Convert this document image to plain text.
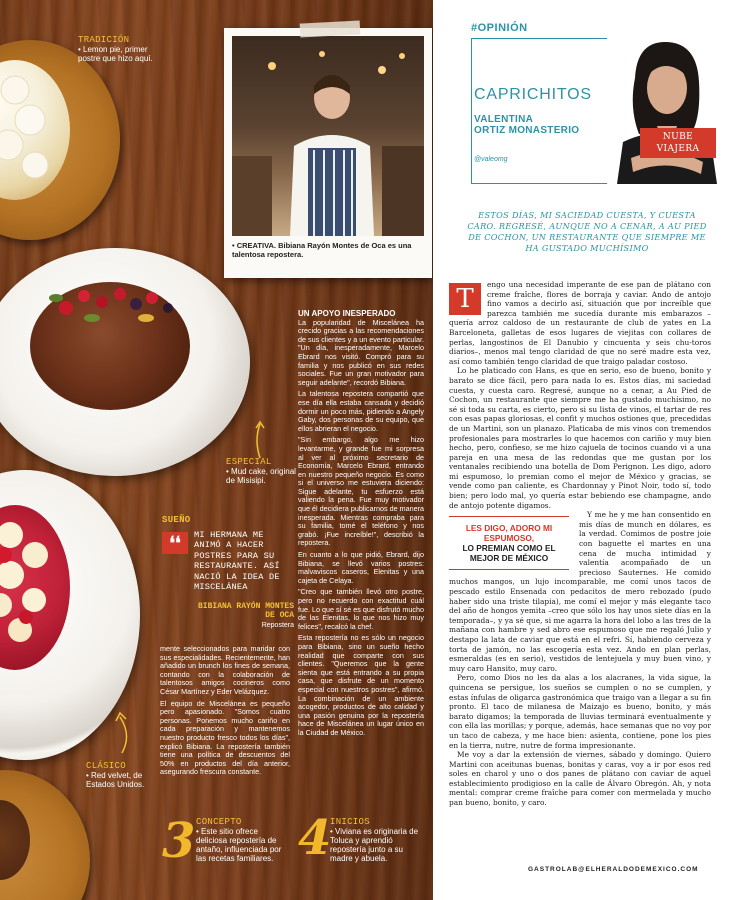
• CREATIVA. Bibiana Rayón Montes de Oca es una talentosa repostera.
TRADICIÓN
• Lemon pie, primer postre que hizo aquí.
ESPECIAL
• Mud cake, original de Misisipi.
SUEÑO
❛❛	MI HERMANA ME ANIMÓ A HACER POSTRES PARA SU RESTAURANTE. ASÍ NACIÓ LA IDEA DE MISCELÁNEA
BIBIANA RAYÓN MONTES DE OCA
Repostera
UN APOYO INESPERADO

La popularidad de Miscelánea ha crecido gracias a las recomendaciones de sus clientes y a un evento particular. "Un día, inesperadamente, Marcelo Ebrard nos visitó. Compró para su familia y nos publicó en sus redes sociales. Fue un gran motivador para seguir adelante", recordó Bibiana.

La talentosa repostera compartió que ese día ella estaba cansada y decidió dormir un poco más, pidiendo a Angely Gaby, dos personas de su equipo, que ellos abrieran el negocio.

"Sin embargo, algo me hizo levantarme, y grande fue mi sorpresa al ver al próximo secretario de Economía, Marcelo Ebrard, entrando en nuestro pequeño negocio. Es como si el universo me estuviera diciendo: Sigue adelante, tu esfuerzo está valiendo la pena. Fue muy motivador que él decidiera publicarnos de manera inesperada. Mientras compraba para su familia, tomé el teléfono y nos grabó. ¡Fue increíble!", describió la repostera.

En cuanto a lo que pidió, Ebrard, dijo Bibiana, se llevó varios postres: malvaviscos caseros, Elenitas y una cajeta de Celaya.

"Creo que también llevó otro postre, pero no recuerdo con exactitud cuál fue. Lo que sí sé es que disfrutó mucho de las Elenitas, lo que nos hizo muy felices", recalcó la chef.

Esta repostería no es sólo un negocio para Bibiana, sino un sueño hecho realidad que comparte con sus clientes. "Queremos que la gente sienta que está entrando a su propia casa, que disfrute de un momento especial con nuestros postres", afirmó. La combinación de un ambiente acogedor, productos de alto calidad y una pasión genuina por la repostería hace de Miscelánea un lugar único en la Ciudad de México.

mente seleccionados para maridar con sus especialidades. Recientemente, han añadido un brunch los fines de semana, contando con la colaboración de talentosos amigos cocineros como César Martínez y Eder Velázquez.

El equipo de Miscelánea es pequeño pero apasionado. "Somos cuatro personas. Ponemos mucho cariño en cada preparación y mantenemos nuestro producto fresco todos los días", explicó Bibiana. La repostería también tiene una política de descuentos del 50% en productos del día anterior, asegurando frescura constante.

CLÁSICO
• Red velvet, de Estados Unidos.
3 CONCEPTO
• Este sitio ofrece deliciosa repostería de antaño, influenciada por las recetas familiares. 4
INICIOS
• Viviana es originaria de Toluca y aprendió repostería junto a su madre y abuela.
#OPINIÓN
CAPRICHITOS
VALENTINA
ORTIZ MONASTERIO
@valeomg
NUBE
VIAJERA
ESTOS DÍAS, MI SACIEDAD CUESTA, Y CUESTA CARO. REGRESÉ, AUNQUE NO A CENAR, A AU PIED DE COCHON, UN RESTAURANTE QUE SIEMPRE ME HA GUSTADO MUCHÍSIMO
T	engo una necesidad imperante de ese pan de plátano con creme fraîche, flores de borraja y caviar. Ando de antojo fino vamos a decirlo así, situación que por increíble que parezca también me sucedía durante mis embarazos –quería arroz caldoso de un restaurante de club de yates en La Barceloneta, galletas de esos lugares de viejitas con collares de perlas, langostinos de El Danubio y cincuenta y seis chu-toros diarios–, menos mal tengo claridad de que no seré madre esta vez, así como también tengo claridad de que traigo paladar costoso.

Lo he platicado con Hans, es que en serio, eso de bueno, bonito y barato se dice fácil, pero para nada lo es. Estos días, mi saciedad cuesta, y cuesta caro. Regresé, aunque no a cenar, a Au Pied de Cochon, un restaurante que siempre me ha gustado muchísimo, no sé si toda su carta, es cierto, pero si su lista de vinos, el tartar de res con esas papas gloriosas, el confit y muchos ostiones que, precedidas de un Martini, son un planazo. Platicaba de mis vinos con tremendos profesionales para mostrarles lo que hacemos con cariño y muy bien hecho, pero, confieso, se me hizo cajuela de tocinos cuando vi a una pareja en una mesa de las redondas que me gustan por los ventanales recibiendo una botella de Dom Perignon. Les digo, adoro mi espumoso, lo premian como el mejor de México y gracias, se vende como pan caliente, es Chardonnay y Pinot Noir, todo sí, todo bien; pero lodo mal, yo quería estar bebiendo ese champagne, ando de antojo potente digamos.

LES DIGO, ADORO MI ESPUMOSO,
LO PREMIAN COMO EL MEJOR DE MÉXICO

Y me he y me han consentido en mis días de munch en dólares, es la verdad. Comimos de postre joie con baguette el martes en una cena de mucha intimidad y valentía acompañado de un precioso Sauternes. He comido muchos mangos, un lujo incomparable, me comí unos tacos de pescado estilo Ensenada con pedacitos de mero rebozado (pudo haber sido una triste tilapia), me comí el mejor y más elegante taco del año de hongos yemita –creo que sólo los hay unos siete días en la temporada–, y ya sé que, si me agarra la hora del lobo a las tres de la mañana con hambre y sed abro ese espumoso que me regaló Julio y destapo la lata de caviar que está en el refri. Sí, habiendo cerveza y torta de jamón, no las escogería esta vez. Ando en plan perlas, esmeraldas (es en serio), vestidos de lentejuela y muy buen vino, y muy caro Hansito, muy caro.

Pero, como Dios no les da alas a los alacranes, la vida sigue, la quincena se persigue, los sueños se cumplen o no se cumplen, y estas ínfulas de oligarca gastronómica que traigo van a llegar a su fin pronto. El taco de milanesa de Maizajo es bueno, bonito, y más barato digamos; la temporada de lluvias terminará eventualmente y con ella las morillas; y porque, además, hace semanas que no voy por un taco de cabeza, y me hace bien: asienta, contiene, pone los pies en la tierra, nutre, nutre de forma impresionante.

Me voy a dar la extensión de viernes, sábado y domingo. Quiero Martini con aceitunas buenas, bonitas y caras, voy a ir por esos red soles en charol y uno o dos panes de plátano con caviar de aquel establecimiento prodigioso en la calle de Álvaro Obregón. Ah, y nota mental: comprar creme fraîche para comer con mermelada y mucho pan bueno, bonito, y caro.

GASTROLAB@ELHERALDODEMEXICO.COM
